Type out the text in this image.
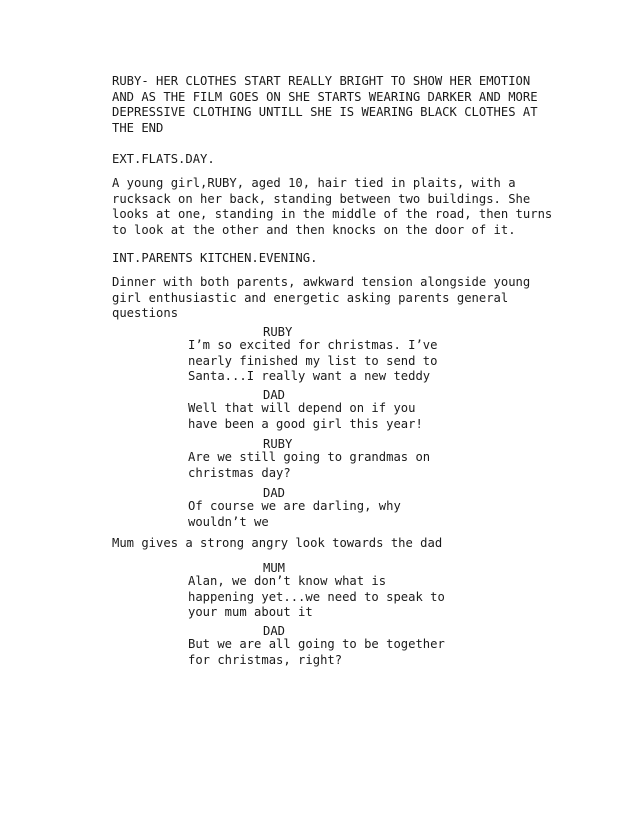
RUBY- HER CLOTHES START REALLY BRIGHT TO SHOW HER EMOTION
AND AS THE FILM GOES ON SHE STARTS WEARING DARKER AND MORE
DEPRESSIVE CLOTHING UNTILL SHE IS WEARING BLACK CLOTHES AT
THE END
EXT.FLATS.DAY.
A young girl,RUBY, aged 10, hair tied in plaits, with a
rucksack on her back, standing between two buildings. She
looks at one, standing in the middle of the road, then turns
to look at the other and then knocks on the door of it.
INT.PARENTS KITCHEN.EVENING.
Dinner with both parents, awkward tension alongside young
girl enthusiastic and energetic asking parents general
questions
RUBY
I’m so excited for christmas. I’ve
nearly finished my list to send to
Santa...I really want a new teddy
DAD
Well that will depend on if you
have been a good girl this year!
RUBY
Are we still going to grandmas on
christmas day?
DAD
Of course we are darling, why
wouldn’t we
Mum gives a strong angry look towards the dad
MUM
Alan, we don’t know what is
happening yet...we need to speak to
your mum about it
DAD
But we are all going to be together
for christmas, right?
